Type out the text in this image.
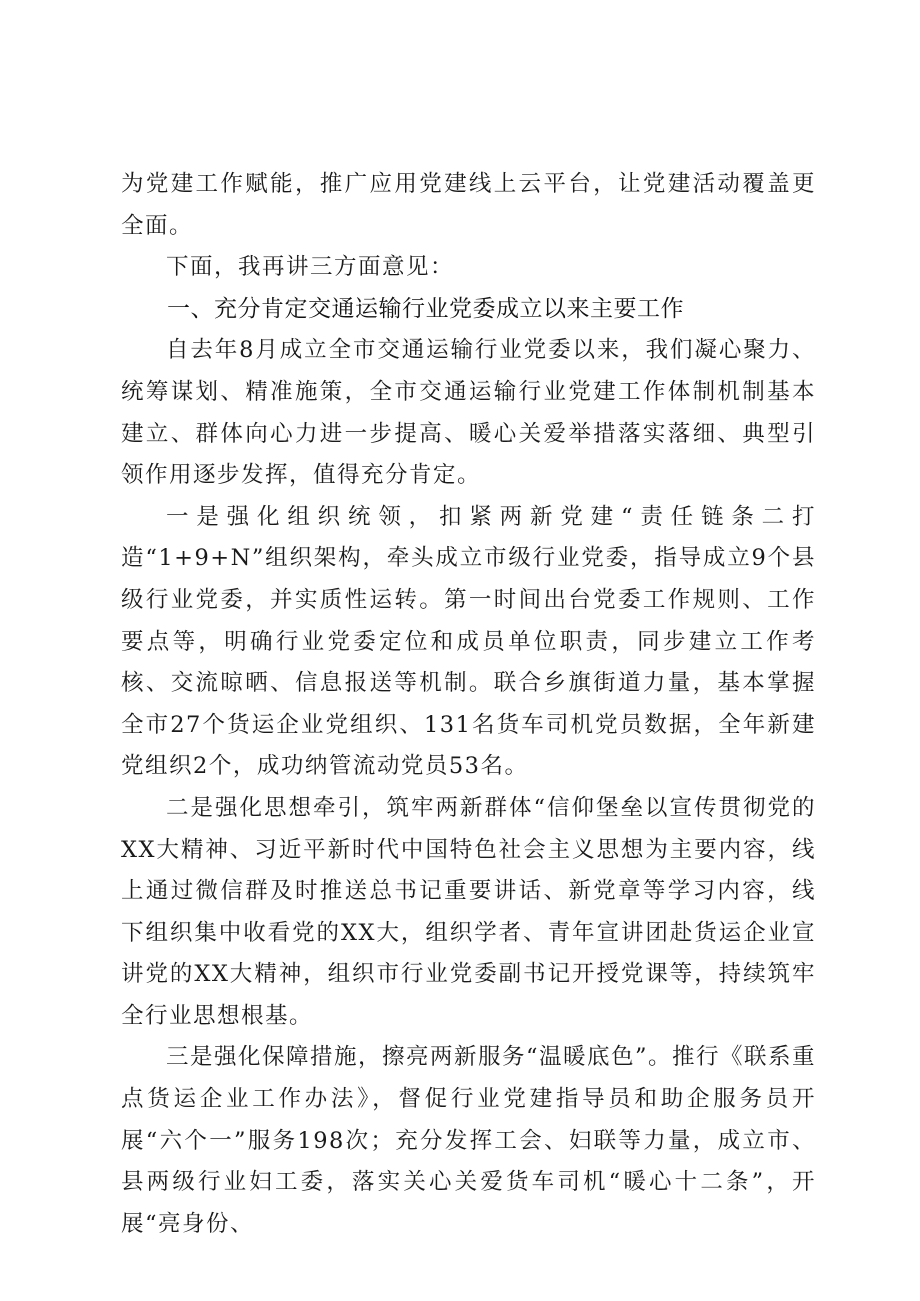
为党建工作赋能，推广应用党建线上云平台，让党建活动覆盖更全面。

下面，我再讲三方面意见：

一、充分肯定交通运输行业党委成立以来主要工作

自去年8月成立全市交通运输行业党委以来，我们凝心聚力、统筹谋划、精准施策，全市交通运输行业党建工作体制机制基本建立、群体向心力进一步提高、暖心关爱举措落实落细、典型引领作用逐步发挥，值得充分肯定。

一是强化组织统领，扣紧两新党建“责任链条二打造“1+9+N”组织架构，牵头成立市级行业党委，指导成立9个县级行业党委，并实质性运转。第一时间出台党委工作规则、工作要点等，明确行业党委定位和成员单位职责，同步建立工作考核、交流晾晒、信息报送等机制。联合乡旗街道力量，基本掌握全市27个货运企业党组织、131名货车司机党员数据，全年新建党组织2个，成功纳管流动党员53名。

二是强化思想牵引，筑牢两新群体“信仰堡垒以宣传贯彻党的XX大精神、习近平新时代中国特色社会主义思想为主要内容，线上通过微信群及时推送总书记重要讲话、新党章等学习内容，线下组织集中收看党的XX大，组织学者、青年宣讲团赴货运企业宣讲党的XX大精神，组织市行业党委副书记开授党课等，持续筑牢全行业思想根基。

三是强化保障措施，擦亮两新服务“温暖底色”。推行《联系重点货运企业工作办法》，督促行业党建指导员和助企服务员开展“六个一”服务198次；充分发挥工会、妇联等力量，成立市、县两级行业妇工委，落实关心关爱货车司机“暖心十二条”，开展“亮身份、
